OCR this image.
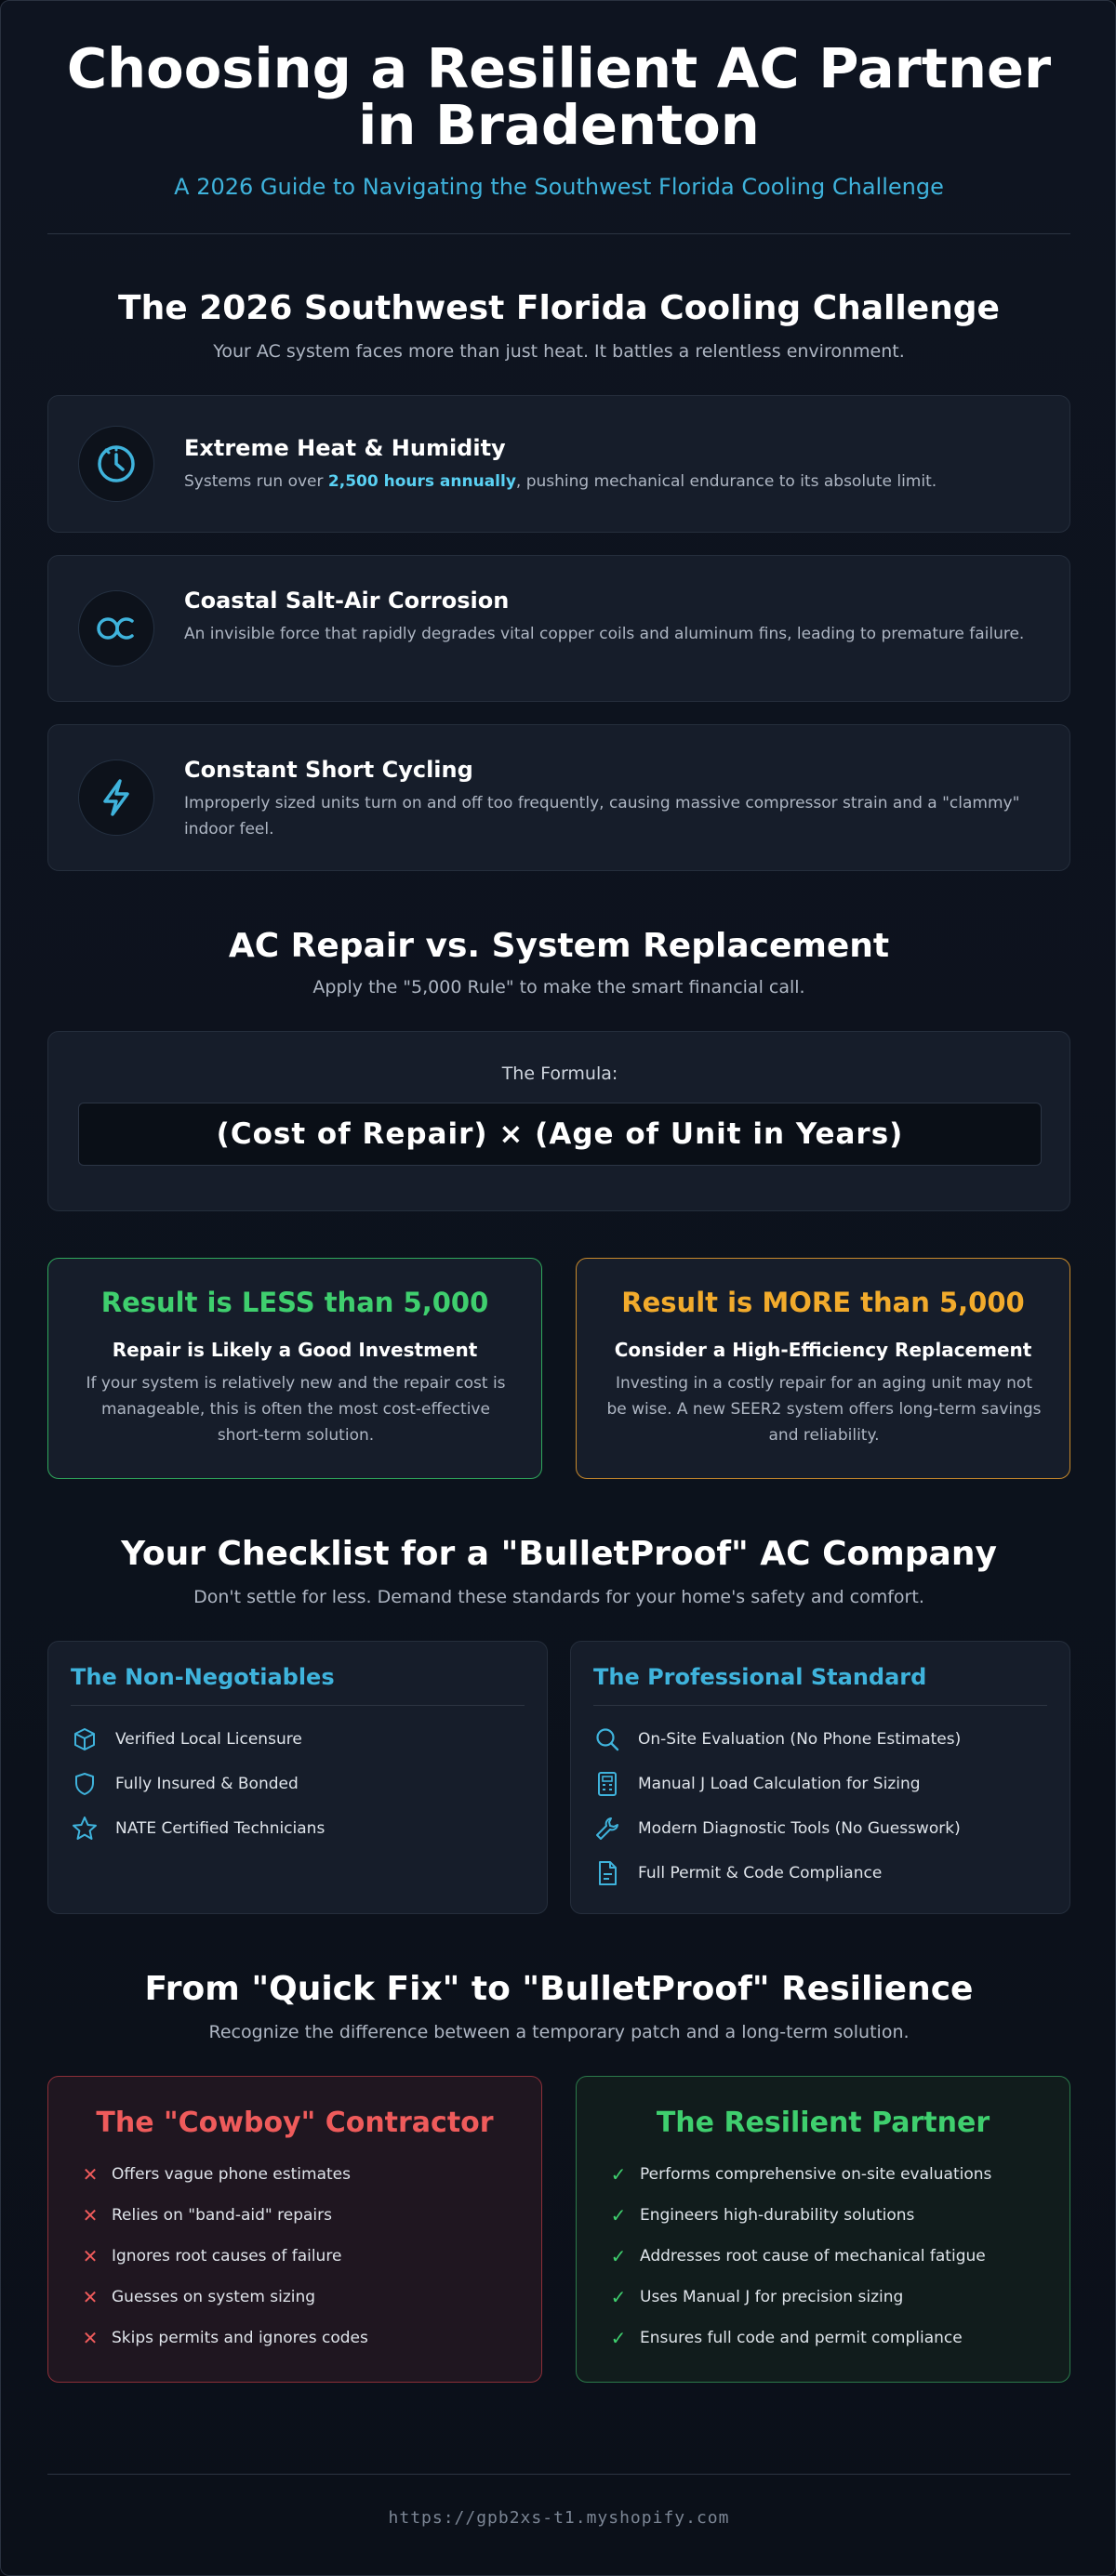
Choosing a Resilient AC Partner
in Bradenton
A 2026 Guide to Navigating the Southwest Florida Cooling Challenge
The 2026 Southwest Florida Cooling Challenge
Your AC system faces more than just heat. It battles a relentless environment.
Extreme Heat & Humidity
Systems run over 2,500 hours annually, pushing mechanical endurance to its absolute limit.
Coastal Salt-Air Corrosion
An invisible force that rapidly degrades vital copper coils and aluminum fins, leading to premature failure.
Constant Short Cycling
Improperly sized units turn on and off too frequently, causing massive compressor strain and a "clammy" indoor feel.
AC Repair vs. System Replacement
Apply the "5,000 Rule" to make the smart financial call.
The Formula:
(Cost of Repair) × (Age of Unit in Years)
Result is LESS than 5,000
Repair is Likely a Good Investment
If your system is relatively new and the repair cost is manageable, this is often the most cost-effective short-term solution.
Result is MORE than 5,000
Consider a High-Efficiency Replacement
Investing in a costly repair for an aging unit may not be wise. A new SEER2 system offers long-term savings and reliability.
Your Checklist for a "BulletProof" AC Company
Don't settle for less. Demand these standards for your home's safety and comfort.
The Non-Negotiables
Verified Local Licensure
Fully Insured & Bonded
NATE Certified Technicians
The Professional Standard
On-Site Evaluation (No Phone Estimates)
Manual J Load Calculation for Sizing
Modern Diagnostic Tools (No Guesswork)
Full Permit & Code Compliance
From "Quick Fix" to "BulletProof" Resilience
Recognize the difference between a temporary patch and a long-term solution.
The "Cowboy" Contractor
✕ Offers vague phone estimates
✕ Relies on "band-aid" repairs
✕ Ignores root causes of failure
✕ Guesses on system sizing
✕ Skips permits and ignores codes
The Resilient Partner
✓ Performs comprehensive on-site evaluations
✓ Engineers high-durability solutions
✓ Addresses root cause of mechanical fatigue
✓ Uses Manual J for precision sizing
✓ Ensures full code and permit compliance
https://gpb2xs-t1.myshopify.com
